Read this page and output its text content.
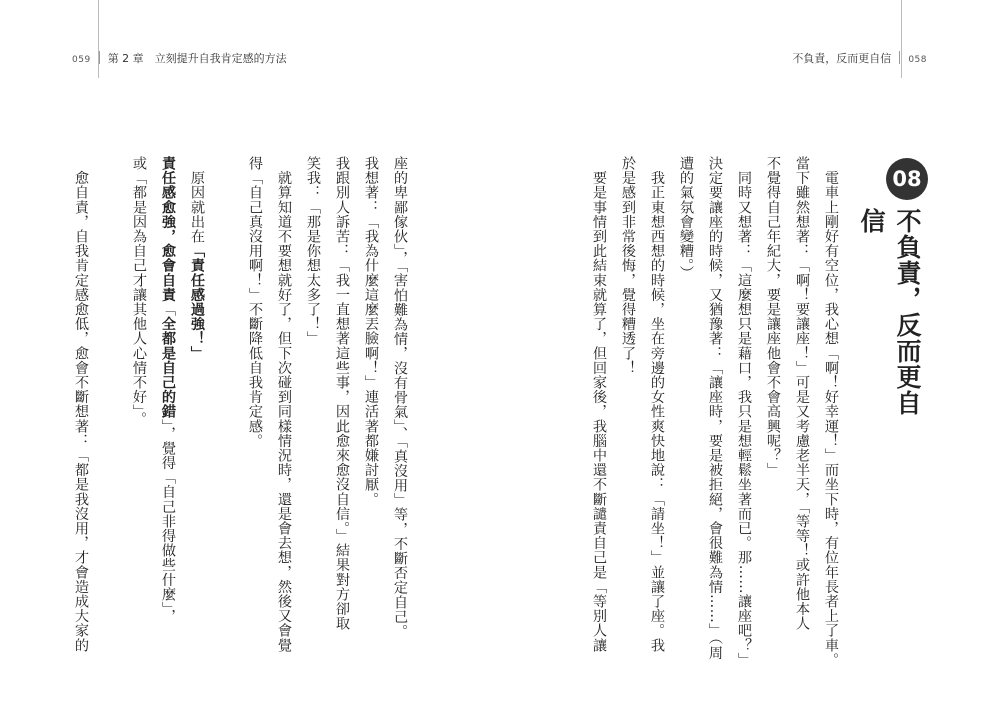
059 第 2 章　 立刻提升自我肯定感的方法	不負責，反而更自信 058
08
不負責，反而更自信
　電車上剛好有空位，我心想「啊！好幸運！」而坐下時，有位年長者上了車。
當下雖然想著：「啊！要讓座！」可是又考慮老半天，「等等！或許他本人
不覺得自己年紀大，要是讓座他會不會高興呢？」
　同時又想著：「這麼想只是藉口，我只是想輕鬆坐著而已。那……讓座吧？」
決定要讓座的時候，又猶豫著：「讓座時，要是被拒絕，會很難為情……」（周
遭的氣氛會變糟。）
　我正東想西想的時候，坐在旁邊的女性爽快地說：「請坐！」並讓了座。我
於是感到非常後悔，覺得糟透了！
　要是事情到此結束就算了，但回家後，我腦中還不斷譴責自己是「等別人讓
座的卑鄙傢伙」，「害怕難為情，沒有骨氣」、「真沒用」等，不斷否定自己。
我想著：「我為什麼這麼丟臉啊！」連活著都嫌討厭。
我跟別人訴苦：「我一直想著這些事，因此愈來愈沒自信。」結果對方卻取
笑我：「那是你想太多了！」
　就算知道不要想就好了，但下次碰到同樣情況時，還是會去想，然後又會覺
得「自己真沒用啊！」不斷降低自我肯定感。
　原因就出在「責任感過強！」
責任感愈強，愈會自責「全都是自己的錯」，覺得「自己非得做些什麼」，
或「都是因為自己才讓其他人心情不好」。
　愈自責，自我肯定感愈低，愈會不斷想著：「都是我沒用，才會造成大家的
